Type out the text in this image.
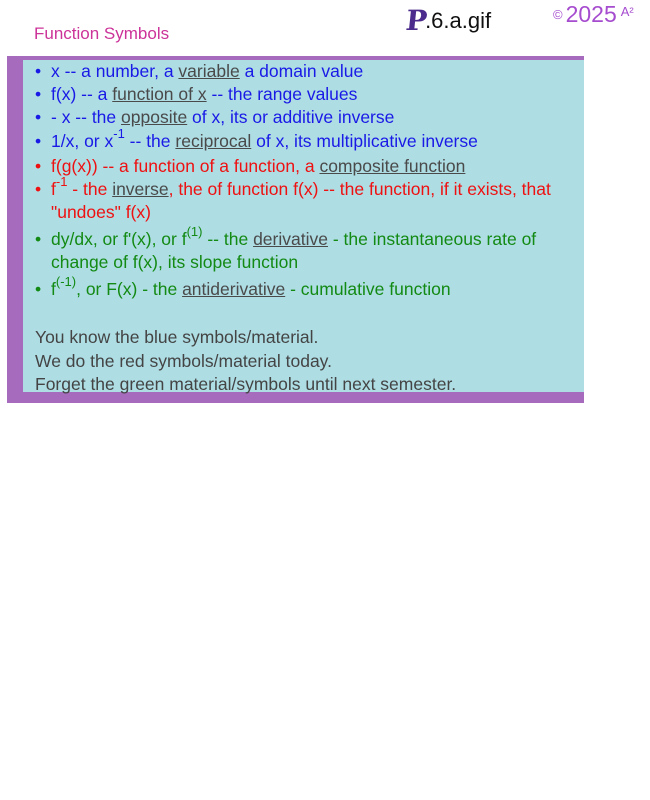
Function Symbols	P
.6.a.gif	© 2025 A²
• x -- a number, a variable a domain value
• f(x) -- a function of x -- the range values
• - x -- the opposite of x, its or additive inverse
• 1/x, or $x^{-1}$ -- the reciprocal of x, its multiplicative inverse
• f(g(x)) -- a function of a function, a composite function
• $f^{-1}$ - the inverse, the of function f(x) -- the function, if it exists, that "undoes" f(x)
• dy/dx, or f'(x), or $f^{(1)}$ -- the derivative - the instantaneous rate of change of f(x), its slope function
• $f^{(-1)}$, or F(x) - the antiderivative - cumulative function
You know the blue symbols/material.
We do the red symbols/material today.
Forget the green material/symbols until next semester.
